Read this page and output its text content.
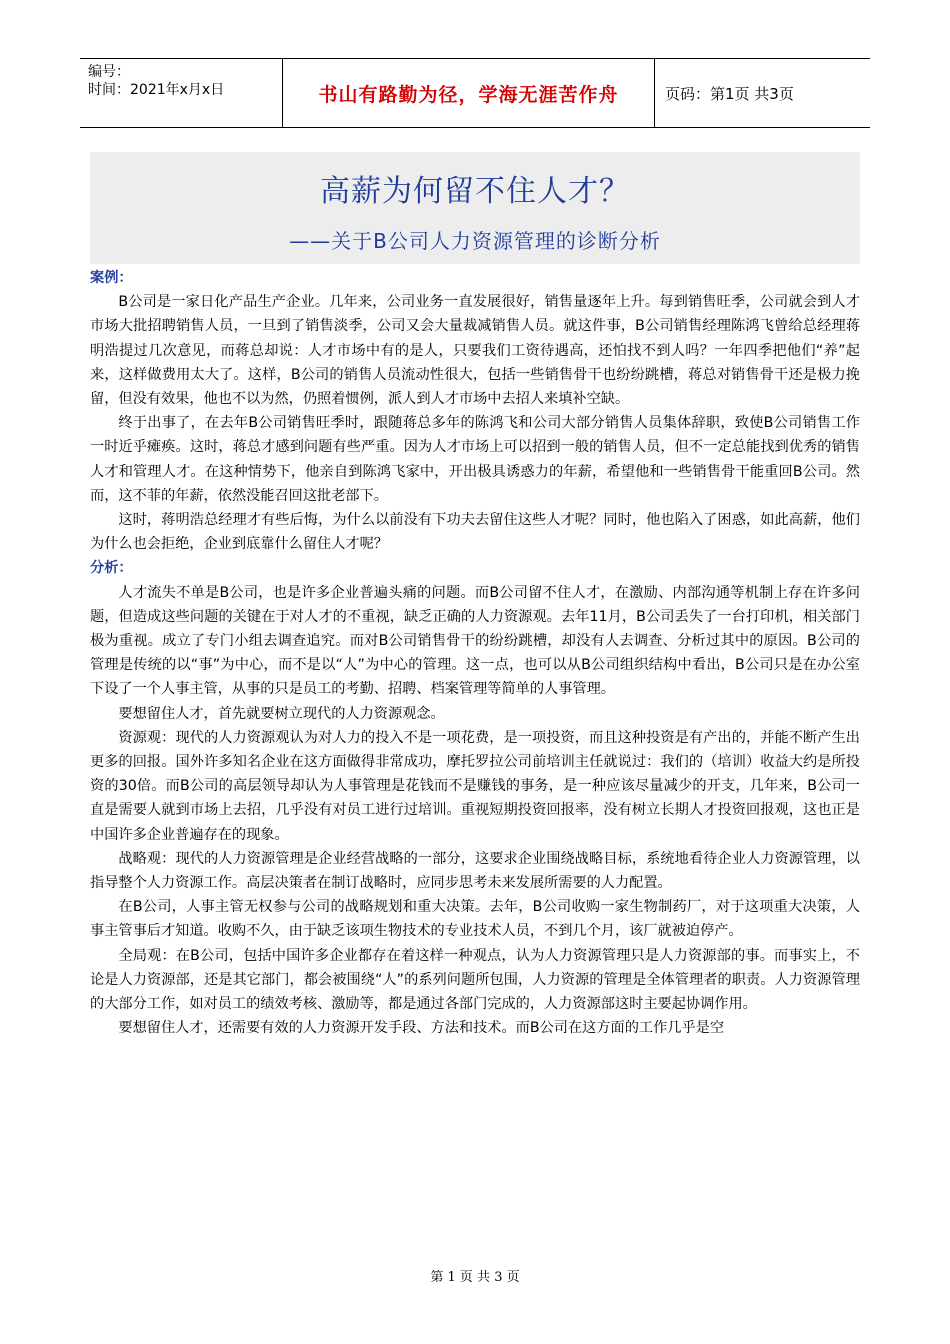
编号：
时间：2021年x月x日	书山有路勤为径，学海无涯苦作舟	页码：第1页 共3页
高薪为何留不住人才？
——关于B公司人力资源管理的诊断分析
案例：

B公司是一家日化产品生产企业。几年来，公司业务一直发展很好，销售量逐年上升。每到销售旺季，公司就会到人才市场大批招聘销售人员，一旦到了销售淡季，公司又会大量裁减销售人员。就这件事，B公司销售经理陈鸿飞曾给总经理蒋明浩提过几次意见，而蒋总却说：人才市场中有的是人，只要我们工资待遇高，还怕找不到人吗？一年四季把他们“养”起来，这样做费用太大了。这样，B公司的销售人员流动性很大，包括一些销售骨干也纷纷跳槽，蒋总对销售骨干还是极力挽留，但没有效果，他也不以为然，仍照着惯例，派人到人才市场中去招人来填补空缺。

终于出事了，在去年B公司销售旺季时，跟随蒋总多年的陈鸿飞和公司大部分销售人员集体辞职，致使B公司销售工作一时近乎瘫痪。这时，蒋总才感到问题有些严重。因为人才市场上可以招到一般的销售人员，但不一定总能找到优秀的销售人才和管理人才。在这种情势下，他亲自到陈鸿飞家中，开出极具诱惑力的年薪，希望他和一些销售骨干能重回B公司。然而，这不菲的年薪，依然没能召回这批老部下。

这时，蒋明浩总经理才有些后悔，为什么以前没有下功夫去留住这些人才呢？同时，他也陷入了困惑，如此高薪，他们为什么也会拒绝，企业到底靠什么留住人才呢？

分析：

人才流失不单是B公司，也是许多企业普遍头痛的问题。而B公司留不住人才，在激励、内部沟通等机制上存在许多问题，但造成这些问题的关键在于对人才的不重视，缺乏正确的人力资源观。去年11月，B公司丢失了一台打印机，相关部门极为重视。成立了专门小组去调查追究。而对B公司销售骨干的纷纷跳槽，却没有人去调查、分析过其中的原因。B公司的管理是传统的以“事”为中心，而不是以“人”为中心的管理。这一点，也可以从B公司组织结构中看出，B公司只是在办公室下设了一个人事主管，从事的只是员工的考勤、招聘、档案管理等简单的人事管理。

要想留住人才，首先就要树立现代的人力资源观念。

资源观：现代的人力资源观认为对人力的投入不是一项花费，是一项投资，而且这种投资是有产出的，并能不断产生出更多的回报。国外许多知名企业在这方面做得非常成功，摩托罗拉公司前培训主任就说过：我们的（培训）收益大约是所投资的30倍。而B公司的高层领导却认为人事管理是花钱而不是赚钱的事务，是一种应该尽量减少的开支，几年来，B公司一直是需要人就到市场上去招，几乎没有对员工进行过培训。重视短期投资回报率，没有树立长期人才投资回报观，这也正是中国许多企业普遍存在的现象。

战略观：现代的人力资源管理是企业经营战略的一部分，这要求企业围绕战略目标，系统地看待企业人力资源管理，以指导整个人力资源工作。高层决策者在制订战略时，应同步思考未来发展所需要的人力配置。

在B公司，人事主管无权参与公司的战略规划和重大决策。去年，B公司收购一家生物制药厂，对于这项重大决策，人事主管事后才知道。收购不久，由于缺乏该项生物技术的专业技术人员，不到几个月，该厂就被迫停产。

全局观：在B公司，包括中国许多企业都存在着这样一种观点，认为人力资源管理只是人力资源部的事。而事实上，不论是人力资源部，还是其它部门，都会被围绕“人”的系列问题所包围，人力资源的管理是全体管理者的职责。人力资源管理的大部分工作，如对员工的绩效考核、激励等，都是通过各部门完成的，人力资源部这时主要起协调作用。

要想留住人才，还需要有效的人力资源开发手段、方法和技术。而B公司在这方面的工作几乎是空

第 1 页 共 3 页
